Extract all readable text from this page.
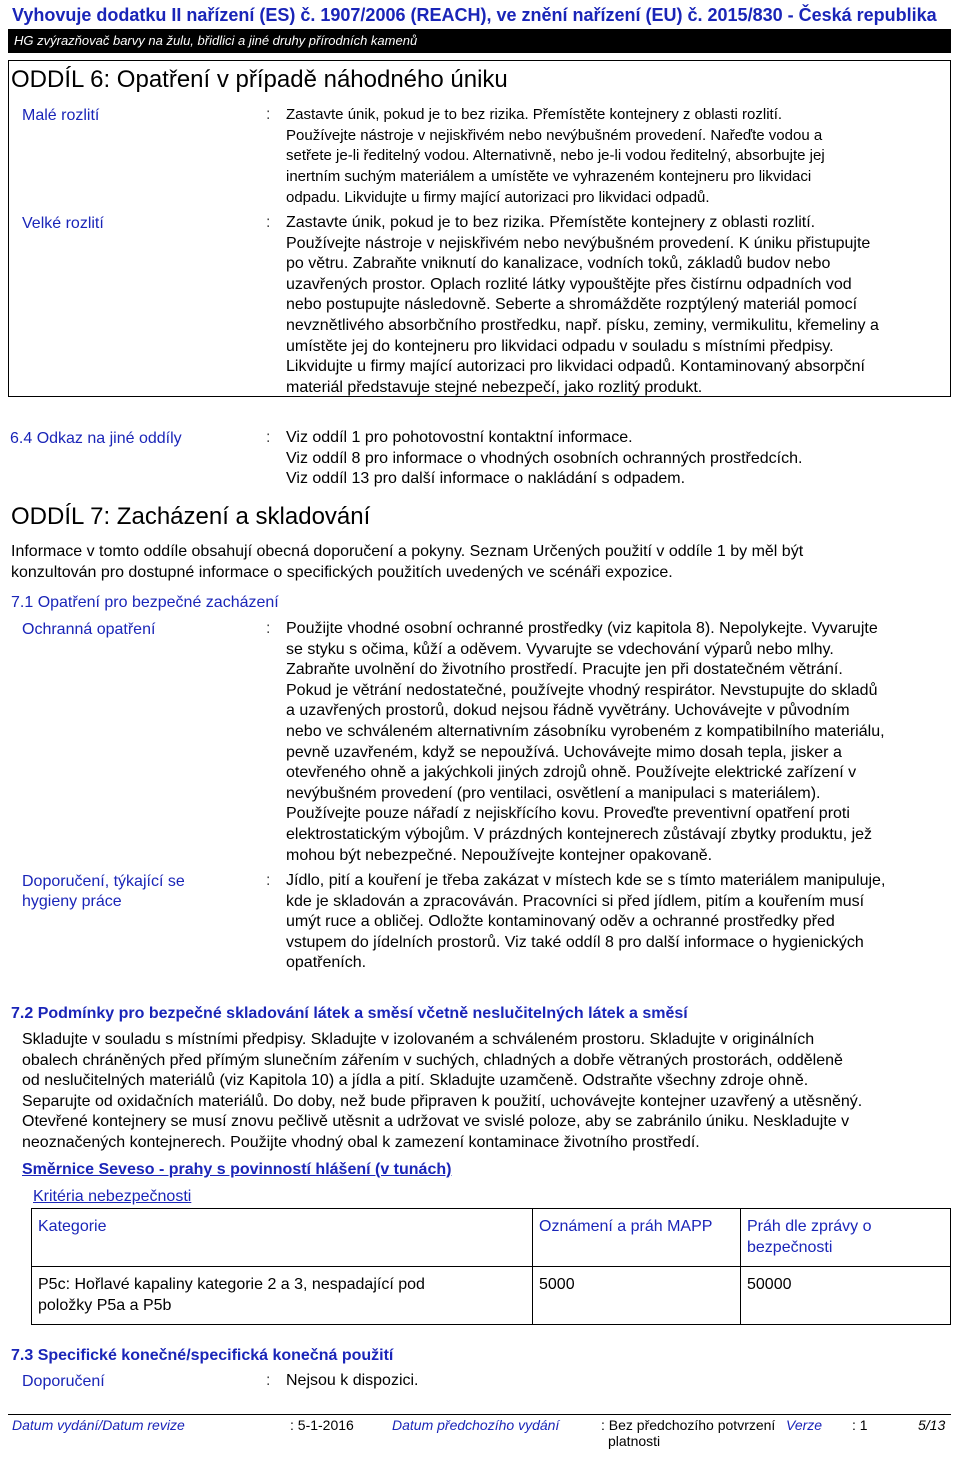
Vyhovuje dodatku II nařízení (ES) č. 1907/2006 (REACH), ve znění nařízení (EU) č. 2015/830 - Česká republika
HG zvýrazňovač barvy na žulu, břidlici a jiné druhy přírodních kamenů
ODDÍL 6: Opatření v případě náhodného úniku
Malé rozlití	: Zastavte únik, pokud je to bez rizika. Přemístěte kontejnery z oblasti rozlití.
Používejte nástroje v nejiskřivém nebo nevýbušném provedení. Nařeďte vodou a
setřete je-li ředitelný vodou. Alternativně, nebo je-li vodou ředitelný, absorbujte jej
inertním suchým materiálem a umístěte ve vyhrazeném kontejneru pro likvidaci
odpadu. Likvidujte u firmy mající autorizaci pro likvidaci odpadů.
Velké rozlití	: Zastavte únik, pokud je to bez rizika. Přemístěte kontejnery z oblasti rozlití.
Používejte nástroje v nejiskřivém nebo nevýbušném provedení. K úniku přistupujte
po větru. Zabraňte vniknutí do kanalizace, vodních toků, základů budov nebo
uzavřených prostor. Oplach rozlité látky vypouštějte přes čistírnu odpadních vod
nebo postupujte následovně. Seberte a shromážděte rozptýlený materiál pomocí
nevznětlivého absorbčního prostředku, např. písku, zeminy, vermikulitu, křemeliny a
umístěte jej do kontejneru pro likvidaci odpadu v souladu s místními předpisy.
Likvidujte u firmy mající autorizaci pro likvidaci odpadů. Kontaminovaný absorpční
materiál představuje stejné nebezpečí, jako rozlitý produkt.
6.4 Odkaz na jiné oddíly	: Viz oddíl 1 pro pohotovostní kontaktní informace.
Viz oddíl 8 pro informace o vhodných osobních ochranných prostředcích.
Viz oddíl 13 pro další informace o nakládání s odpadem.
ODDÍL 7: Zacházení a skladování
Informace v tomto oddíle obsahují obecná doporučení a pokyny. Seznam Určených použití v oddíle 1 by měl být
konzultován pro dostupné informace o specifických použitích uvedených ve scénáři expozice.
7.1 Opatření pro bezpečné zacházení
Ochranná opatření	: Použijte vhodné osobní ochranné prostředky (viz kapitola 8). Nepolykejte. Vyvarujte
se styku s očima, kůží a oděvem. Vyvarujte se vdechování výparů nebo mlhy.
Zabraňte uvolnění do životního prostředí. Pracujte jen při dostatečném větrání.
Pokud je větrání nedostatečné, používejte vhodný respirátor. Nevstupujte do skladů
a uzavřených prostorů, dokud nejsou řádně vyvětrány. Uchovávejte v původním
nebo ve schváleném alternativním zásobníku vyrobeném z kompatibilního materiálu,
pevně uzavřeném, když se nepoužívá. Uchovávejte mimo dosah tepla, jisker a
otevřeného ohně a jakýchkoli jiných zdrojů ohně. Používejte elektrické zařízení v
nevýbušném provedení (pro ventilaci, osvětlení a manipulaci s materiálem).
Používejte pouze nářadí z nejiskřícího kovu. Proveďte preventivní opatření proti
elektrostatickým výbojům. V prázdných kontejnerech zůstávají zbytky produktu, jež
mohou být nebezpečné. Nepoužívejte kontejner opakovaně.
Doporučení, týkající se
hygieny práce
: Jídlo, pití a kouření je třeba zakázat v místech kde se s tímto materiálem manipuluje,
kde je skladován a zpracováván. Pracovníci si před jídlem, pitím a kouřením musí
umýt ruce a obličej. Odložte kontaminovaný oděv a ochranné prostředky před
vstupem do jídelních prostorů. Viz také oddíl 8 pro další informace o hygienických
opatřeních.
7.2 Podmínky pro bezpečné skladování látek a směsí včetně neslučitelných látek a směsí
Skladujte v souladu s místními předpisy. Skladujte v izolovaném a schváleném prostoru. Skladujte v originálních
obalech chráněných před přímým slunečním zářením v suchých, chladných a dobře větraných prostorách, odděleně
od neslučitelných materiálů (viz Kapitola 10) a jídla a pití. Skladujte uzamčeně. Odstraňte všechny zdroje ohně.
Separujte od oxidačních materiálů. Do doby, než bude připraven k použití, uchovávejte kontejner uzavřený a utěsněný.
Otevřené kontejnery se musí znovu pečlivě utěsnit a udržovat ve svislé poloze, aby se zabránilo úniku. Neskladujte v
neoznačených kontejnerech. Použijte vhodný obal k zamezení kontaminace životního prostředí.
Směrnice Seveso - prahy s povinností hlášení (v tunách)
Kritéria nebezpečnosti
Kategorie	Oznámení a práh MAPP	Práh dle zprávy o
bezpečnosti

P5c: Hořlavé kapaliny kategorie 2 a 3, nespadající pod
položky P5a a P5b	5000	50000
7.3 Specifické konečné/specifická konečná použití
Doporučení	: Nejsou k dispozici.
Datum vydání/Datum revize	: 5-1-2016	Datum předchozího vydání	: Bez předchozího potvrzení
platnosti
Verze : 1	5/13
